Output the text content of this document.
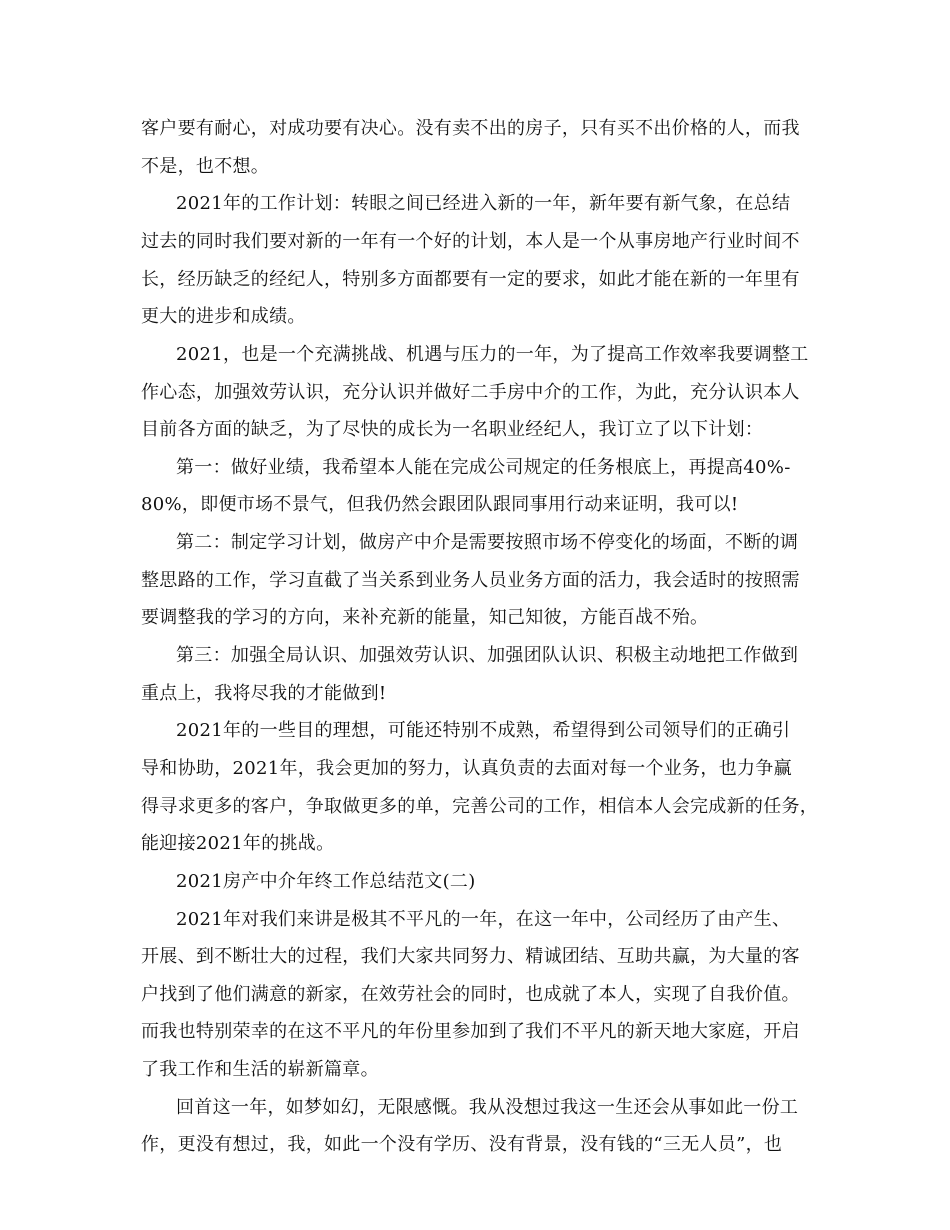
客户要有耐心，对成功要有决心。没有卖不出的房子，只有买不出价格的人，而我
不是，也不想。
2021年的工作计划：转眼之间已经进入新的一年，新年要有新气象，在总结
过去的同时我们要对新的一年有一个好的计划，本人是一个从事房地产行业时间不
长，经历缺乏的经纪人，特别多方面都要有一定的要求，如此才能在新的一年里有
更大的进步和成绩。
2021，也是一个充满挑战、机遇与压力的一年，为了提高工作效率我要调整工
作心态，加强效劳认识，充分认识并做好二手房中介的工作，为此，充分认识本人
目前各方面的缺乏，为了尽快的成长为一名职业经纪人，我订立了以下计划：
第一：做好业绩，我希望本人能在完成公司规定的任务根底上，再提高40%-
80%，即便市场不景气，但我仍然会跟团队跟同事用行动来证明，我可以!
第二：制定学习计划，做房产中介是需要按照市场不停变化的场面，不断的调
整思路的工作，学习直截了当关系到业务人员业务方面的活力，我会适时的按照需
要调整我的学习的方向，来补充新的能量，知己知彼，方能百战不殆。
第三：加强全局认识、加强效劳认识、加强团队认识、积极主动地把工作做到
重点上，我将尽我的才能做到!
2021年的一些目的理想，可能还特别不成熟，希望得到公司领导们的正确引
导和协助，2021年，我会更加的努力，认真负责的去面对每一个业务，也力争赢
得寻求更多的客户，争取做更多的单，完善公司的工作，相信本人会完成新的任务，
能迎接2021年的挑战。
2021房产中介年终工作总结范文(二)
2021年对我们来讲是极其不平凡的一年，在这一年中，公司经历了由产生、
开展、到不断壮大的过程，我们大家共同努力、精诚团结、互助共赢，为大量的客
户找到了他们满意的新家，在效劳社会的同时，也成就了本人，实现了自我价值。
而我也特别荣幸的在这不平凡的年份里参加到了我们不平凡的新天地大家庭，开启
了我工作和生活的崭新篇章。
回首这一年，如梦如幻，无限感慨。我从没想过我这一生还会从事如此一份工
作，更没有想过，我，如此一个没有学历、没有背景，没有钱的“三无人员”，也
